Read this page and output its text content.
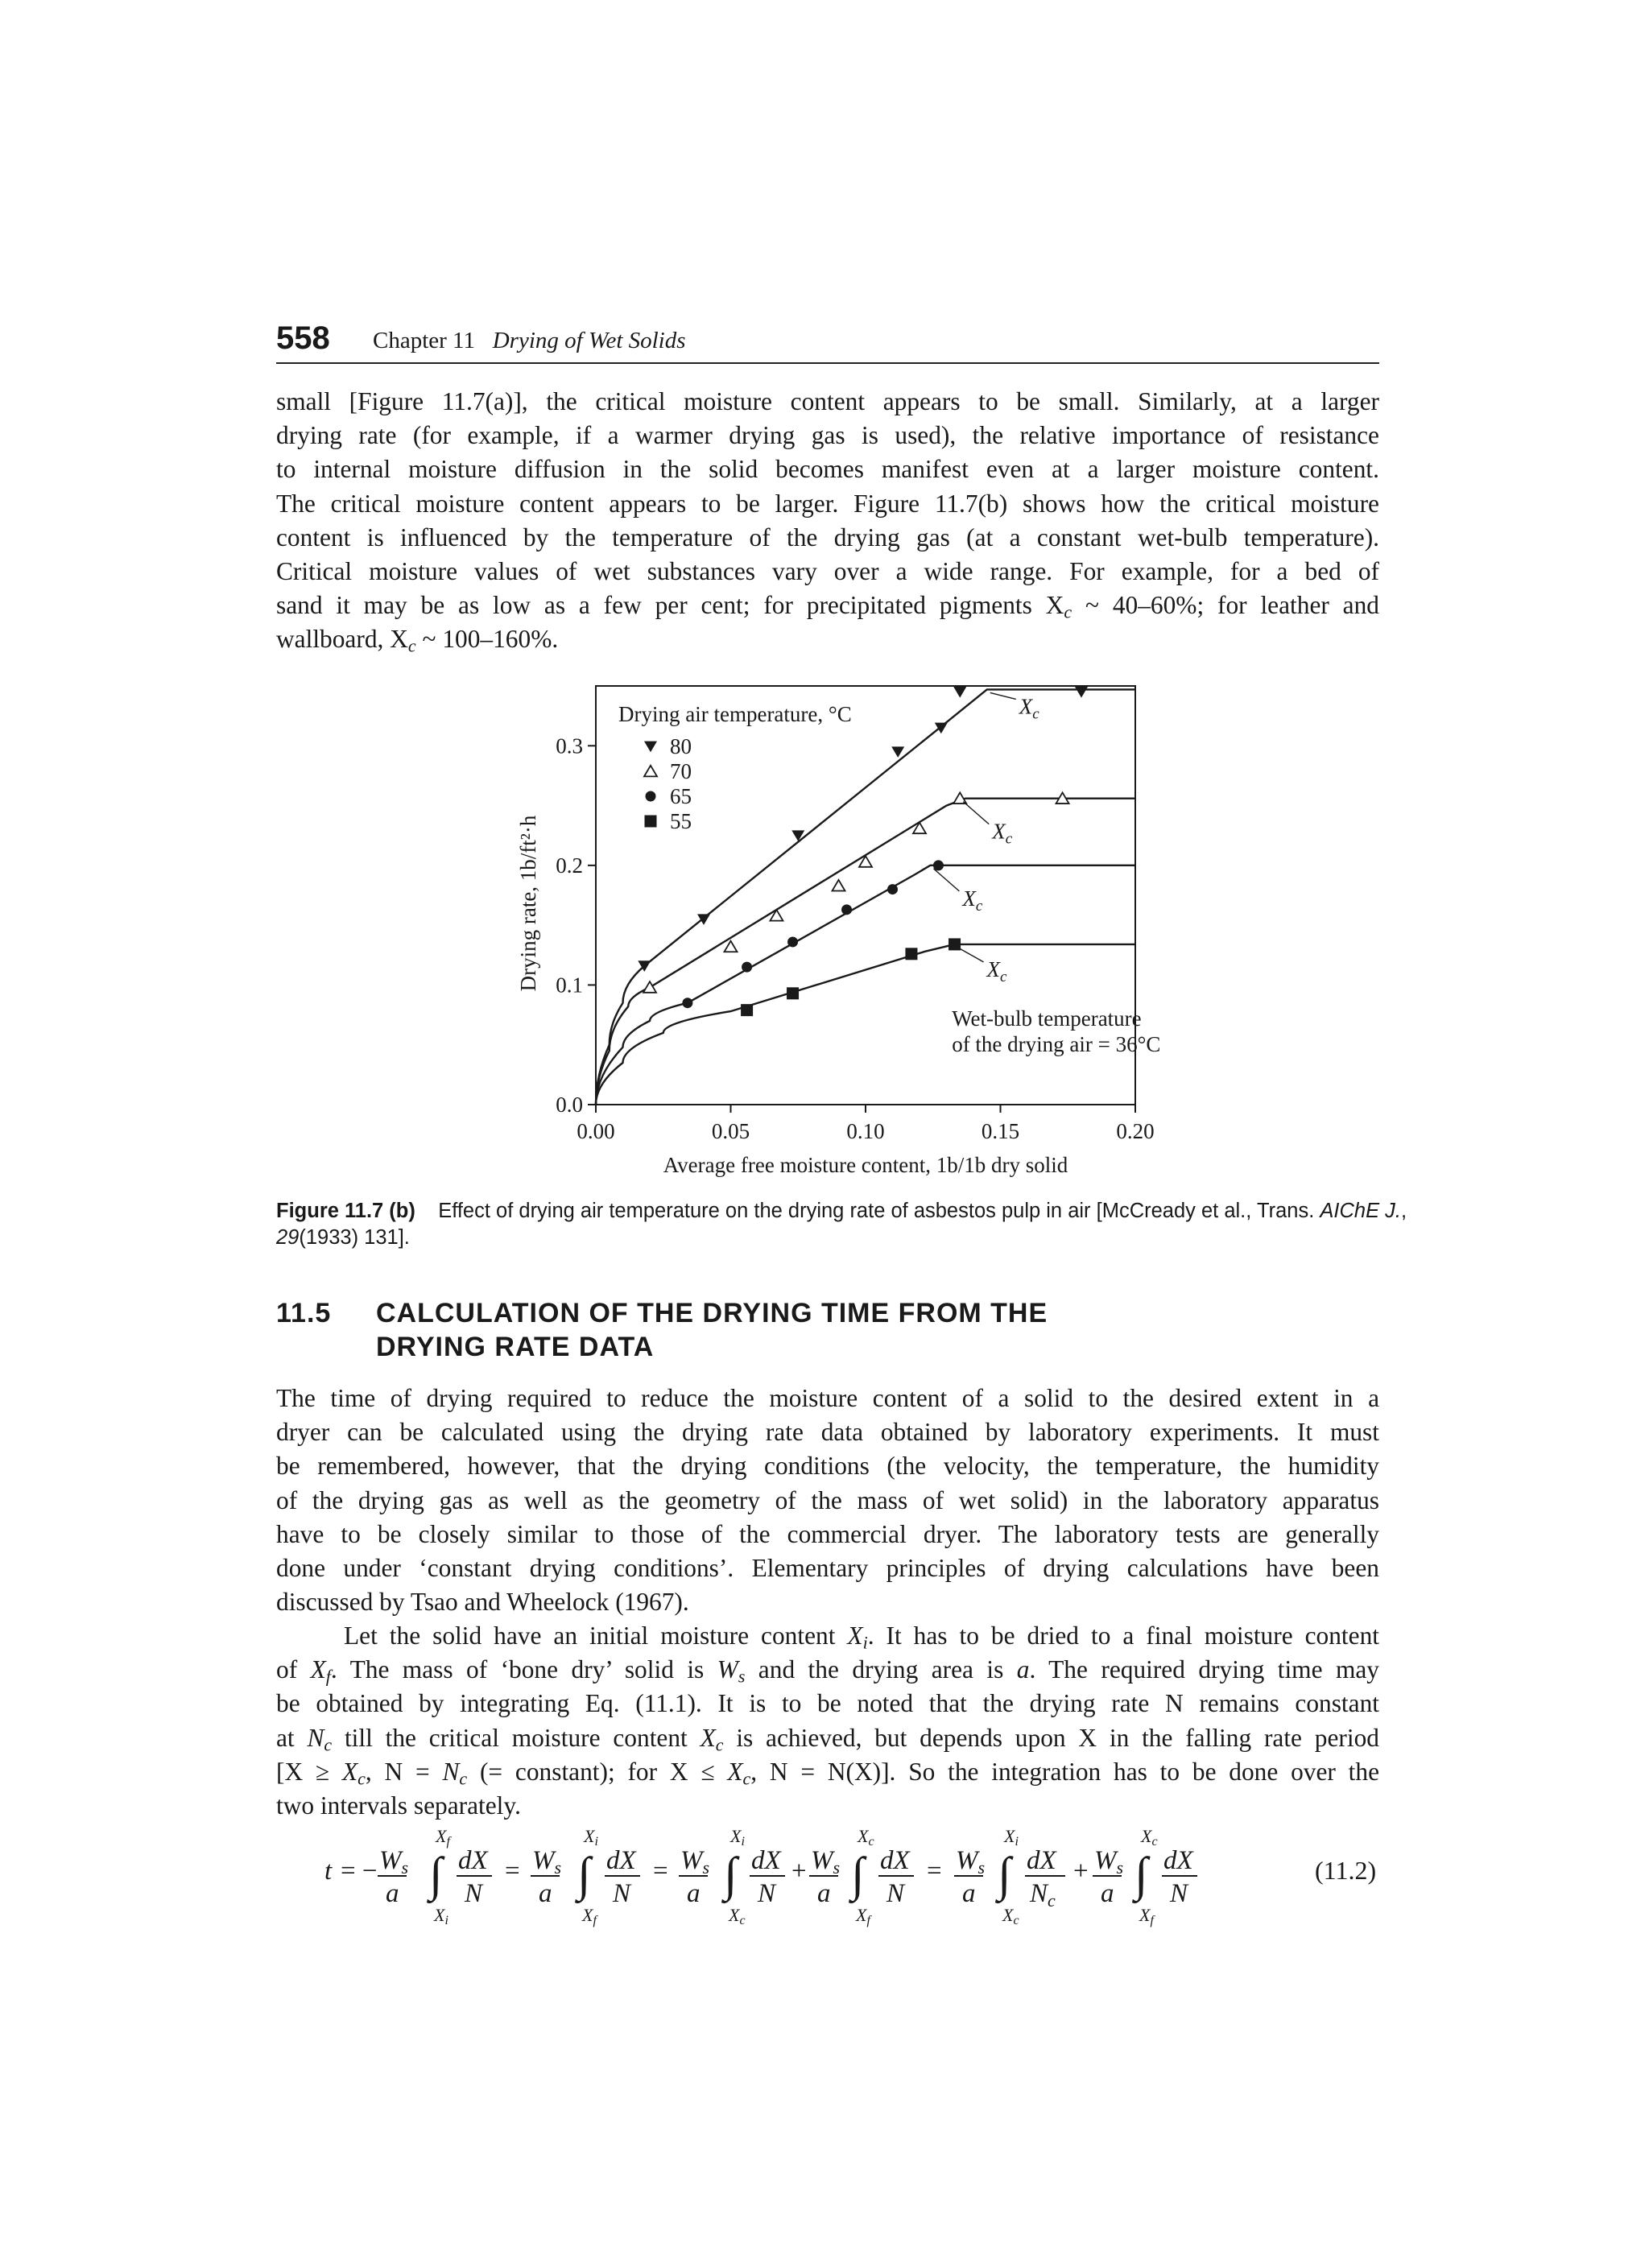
558 Chapter 11 Drying of Wet Solids
small [Figure 11.7(a)], the critical moisture content appears to be small. Similarly, at a larger
drying rate (for example, if a warmer drying gas is used), the relative importance of resistance
to internal moisture diffusion in the solid becomes manifest even at a larger moisture content.
The critical moisture content appears to be larger. Figure 11.7(b) shows how the critical moisture
content is influenced by the temperature of the drying gas (at a constant wet-bulb temperature).
Critical moisture values of wet substances vary over a wide range. For example, for a bed of
sand it may be as low as a few per cent; for precipitated pigments $X_c$ ~ 40–60%; for leather and
wallboard, $X_c$ ~ 100–160%.
0.00	0.05	0.10	0.15	0.20
0.0
0.1
0.2
0.3
Average free moisture content, 1b/1b dry solid
Drying rate, 1b/ft²·h
$X_c$
$X_c$
$X_c$
$X_c$
Drying air temperature, °C
80
70
65
55
Wet-bulb temperature
of the drying air = 36°C
Figure 11.7 (b) Effect of drying air temperature on the drying rate of asbestos pulp in air [McCready et al., Trans. AIChE J.,
29(1933) 131].
11.5 CALCULATION OF THE DRYING TIME FROM THE
DRYING RATE DATA
The time of drying required to reduce the moisture content of a solid to the desired extent in a
dryer can be calculated using the drying rate data obtained by laboratory experiments. It must
be remembered, however, that the drying conditions (the velocity, the temperature, the humidity
of the drying gas as well as the geometry of the mass of wet solid) in the laboratory apparatus
have to be closely similar to those of the commercial dryer. The laboratory tests are generally
done under ‘constant drying conditions’. Elementary principles of drying calculations have been
discussed by Tsao and Wheelock (1967).
Let the solid have an initial moisture content $X_i$. It has to be dried to a final moisture content
of $X_f$. The mass of ‘bone dry’ solid is $W_s$ and the drying area is a. The required drying time may
be obtained by integrating Eq. (11.1). It is to be noted that the drying rate N remains constant
at $N_c$ till the critical moisture content $X_c$ is achieved, but depends upon X in the falling rate period
[$X \ge X_c$, $N = N_c$ (= constant); for $X \le X_c$, N = N(X)]. So the integration has to be done over the
two intervals separately.
t = − Ws
a ∫
Xf
Xi
dX
N
= Ws
a ∫
Xi
Xf
dX
N
= Ws
a ∫
Xi
Xc
dX
N
+ Ws
a ∫
Xc
Xf
dX
N
= Ws
a ∫
Xi
Xc
dX
Nc
+ Ws
a ∫
Xc
Xf
dX
N
(11.2)
